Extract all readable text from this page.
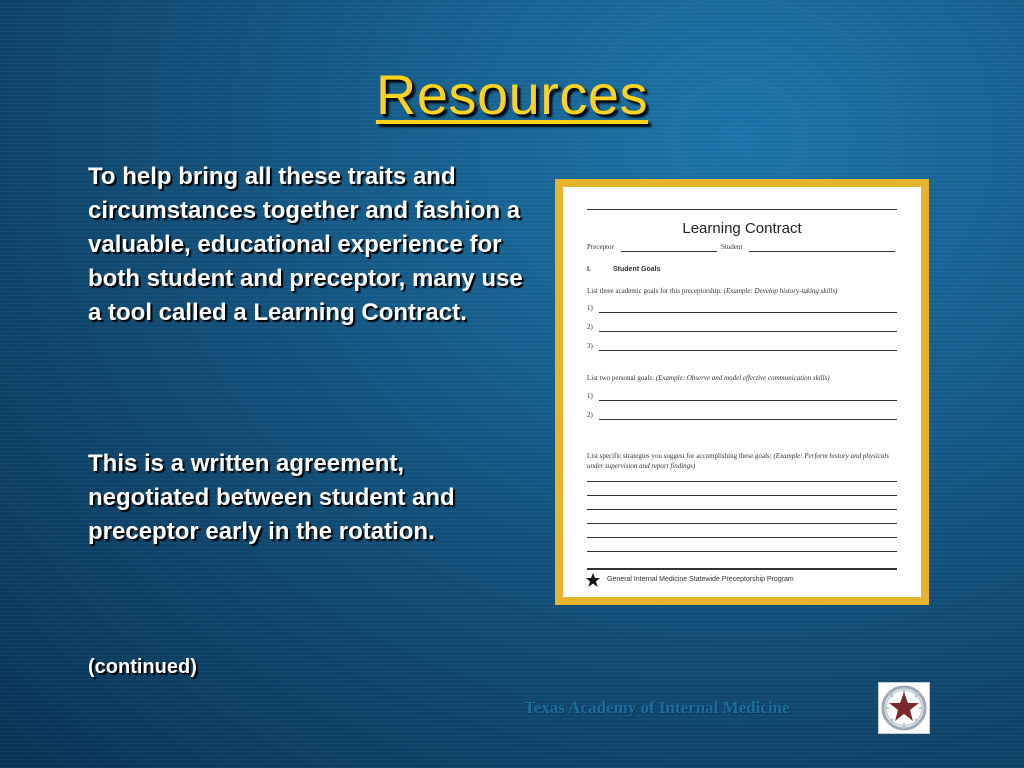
Resources

To help bring all these traits and circumstances together and fashion a valuable, educational experience for both student and preceptor, many use a tool called a Learning Contract.

This is a written agreement, negotiated between student and preceptor early in the rotation.

(continued)

Learning Contract
Preceptor	Student
I.	Student Goals
List three academic goals for this preceptorship: (Example: Develop history-taking skills)
1)
2)
3)
List two personal goals: (Example: Observe and model effective communication skills)
1)
2)
List specific strategies you suggest for accomplishing these goals: (Example: Perform history and physicals under supervision and report findings)
General Internal Medicine Statewide Preceptorship Program
Texas Academy of Internal Medicine
